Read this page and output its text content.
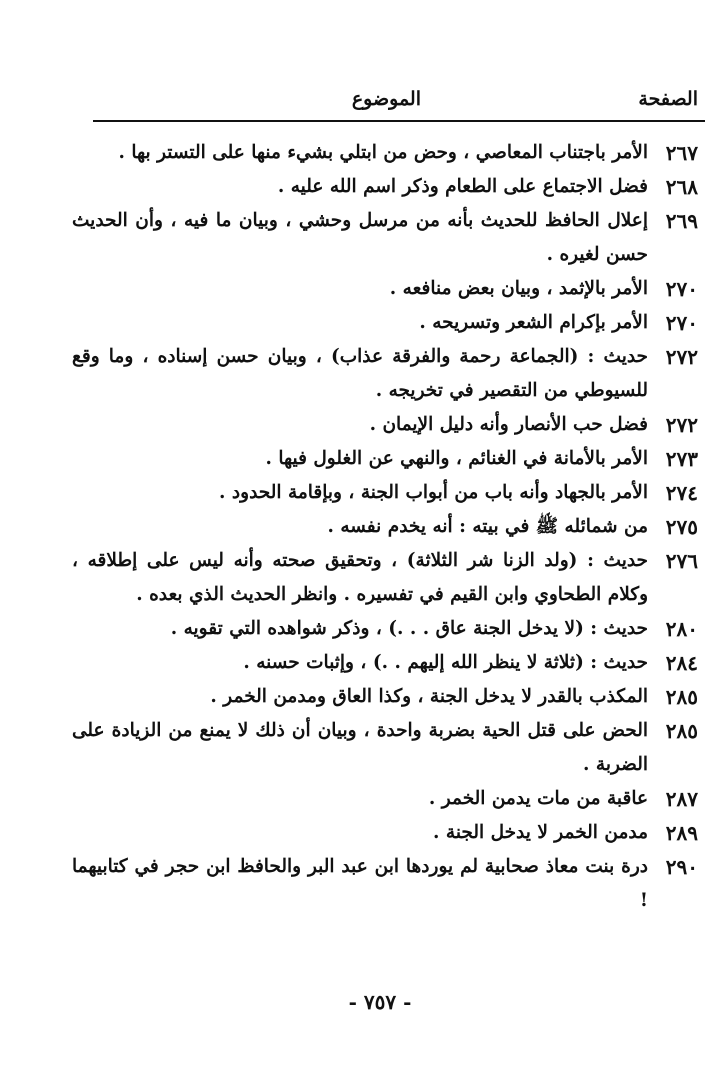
الصفحة
الموضوع
٢٦٧
الأمر باجتناب المعاصي ، وحض من ابتلي بشيء منها على التستر بها .
٢٦٨
فضل الاجتماع على الطعام وذكر اسم الله عليه .
٢٦٩
إعلال الحافظ للحديث بأنه من مرسل وحشي ، وبيان ما فيه ، وأن الحديث حسن لغيره .
٢٧٠
الأمر بالإثمد ، وبيان بعض منافعه .
٢٧٠
الأمر بإكرام الشعر وتسريحه .
٢٧٢
حديث : (الجماعة رحمة والفرقة عذاب) ، وبيان حسن إسناده ، وما وقع للسيوطي من التقصير في تخريجه .
٢٧٢
فضل حب الأنصار وأنه دليل الإيمان .
٢٧٣
الأمر بالأمانة في الغنائم ، والنهي عن الغلول فيها .
٢٧٤
الأمر بالجهاد وأنه باب من أبواب الجنة ، وبإقامة الحدود .
٢٧٥
من شمائله ﷺ في بيته : أنه يخدم نفسه .
٢٧٦
حديث : (ولد الزنا شر الثلاثة) ، وتحقيق صحته وأنه ليس على إطلاقه ، وكلام الطحاوي وابن القيم في تفسيره . وانظر الحديث الذي بعده .
٢٨٠
حديث : (لا يدخل الجنة عاق . . .) ، وذكر شواهده التي تقويه .
٢٨٤
حديث : (ثلاثة لا ينظر الله إليهم . .) ، وإثبات حسنه .
٢٨٥
المكذب بالقدر لا يدخل الجنة ، وكذا العاق ومدمن الخمر .
٢٨٥
الحض على قتل الحية بضربة واحدة ، وبيان أن ذلك لا يمنع من الزيادة على الضربة .
٢٨٧
عاقبة من مات يدمن الخمر .
٢٨٩
مدمن الخمر لا يدخل الجنة .
٢٩٠
درة بنت معاذ صحابية لم يوردها ابن عبد البر والحافظ ابن حجر في كتابيهما !
- ٧٥٧ -
